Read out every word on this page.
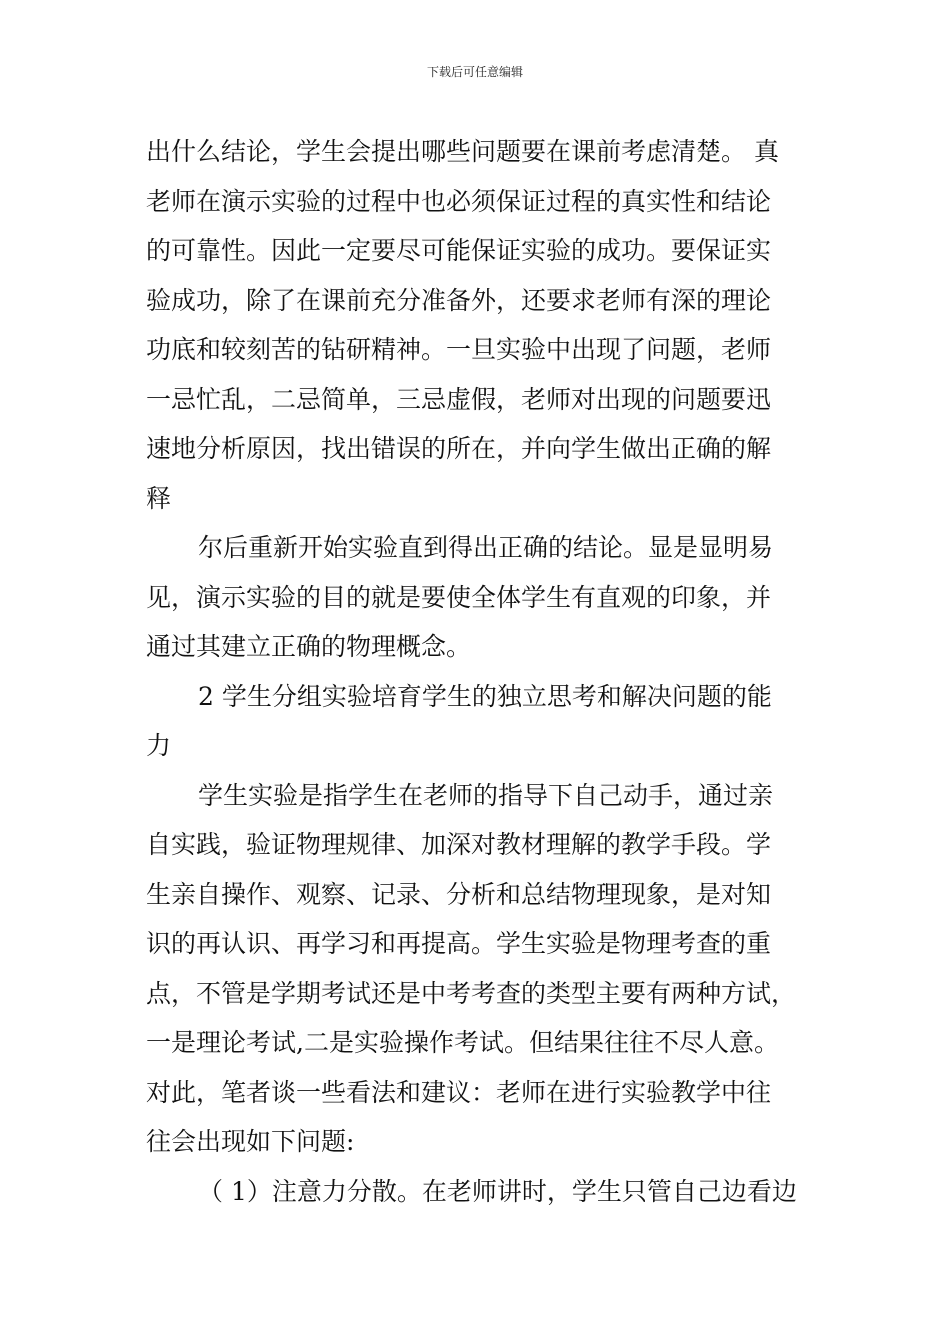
下载后可任意编辑
出什么结论，学生会提出哪些问题要在课前考虑清楚。 真
老师在演示实验的过程中也必须保证过程的真实性和结论
的可靠性。因此一定要尽可能保证实验的成功。要保证实
验成功，除了在课前充分准备外，还要求老师有深的理论
功底和较刻苦的钻研精神。一旦实验中出现了问题，老师
一忌忙乱，二忌简单，三忌虚假，老师对出现的问题要迅
速地分析原因，找出错误的所在，并向学生做出正确的解
释
尔后重新开始实验直到得出正确的结论。显是显明易
见，演示实验的目的就是要使全体学生有直观的印象，并
通过其建立正确的物理概念。
2 学生分组实验培育学生的独立思考和解决问题的能
力
学生实验是指学生在老师的指导下自己动手，通过亲
自实践，验证物理规律、加深对教材理解的教学手段。学
生亲自操作、观察、记录、分析和总结物理现象，是对知
识的再认识、再学习和再提高。学生实验是物理考查的重
点，不管是学期考试还是中考考查的类型主要有两种方试，
一是理论考试,二是实验操作考试。但结果往往不尽人意。
对此，笔者谈一些看法和建议：老师在进行实验教学中往
往会出现如下问题:
（ 1）注意力分散。在老师讲时，学生只管自己边看边
